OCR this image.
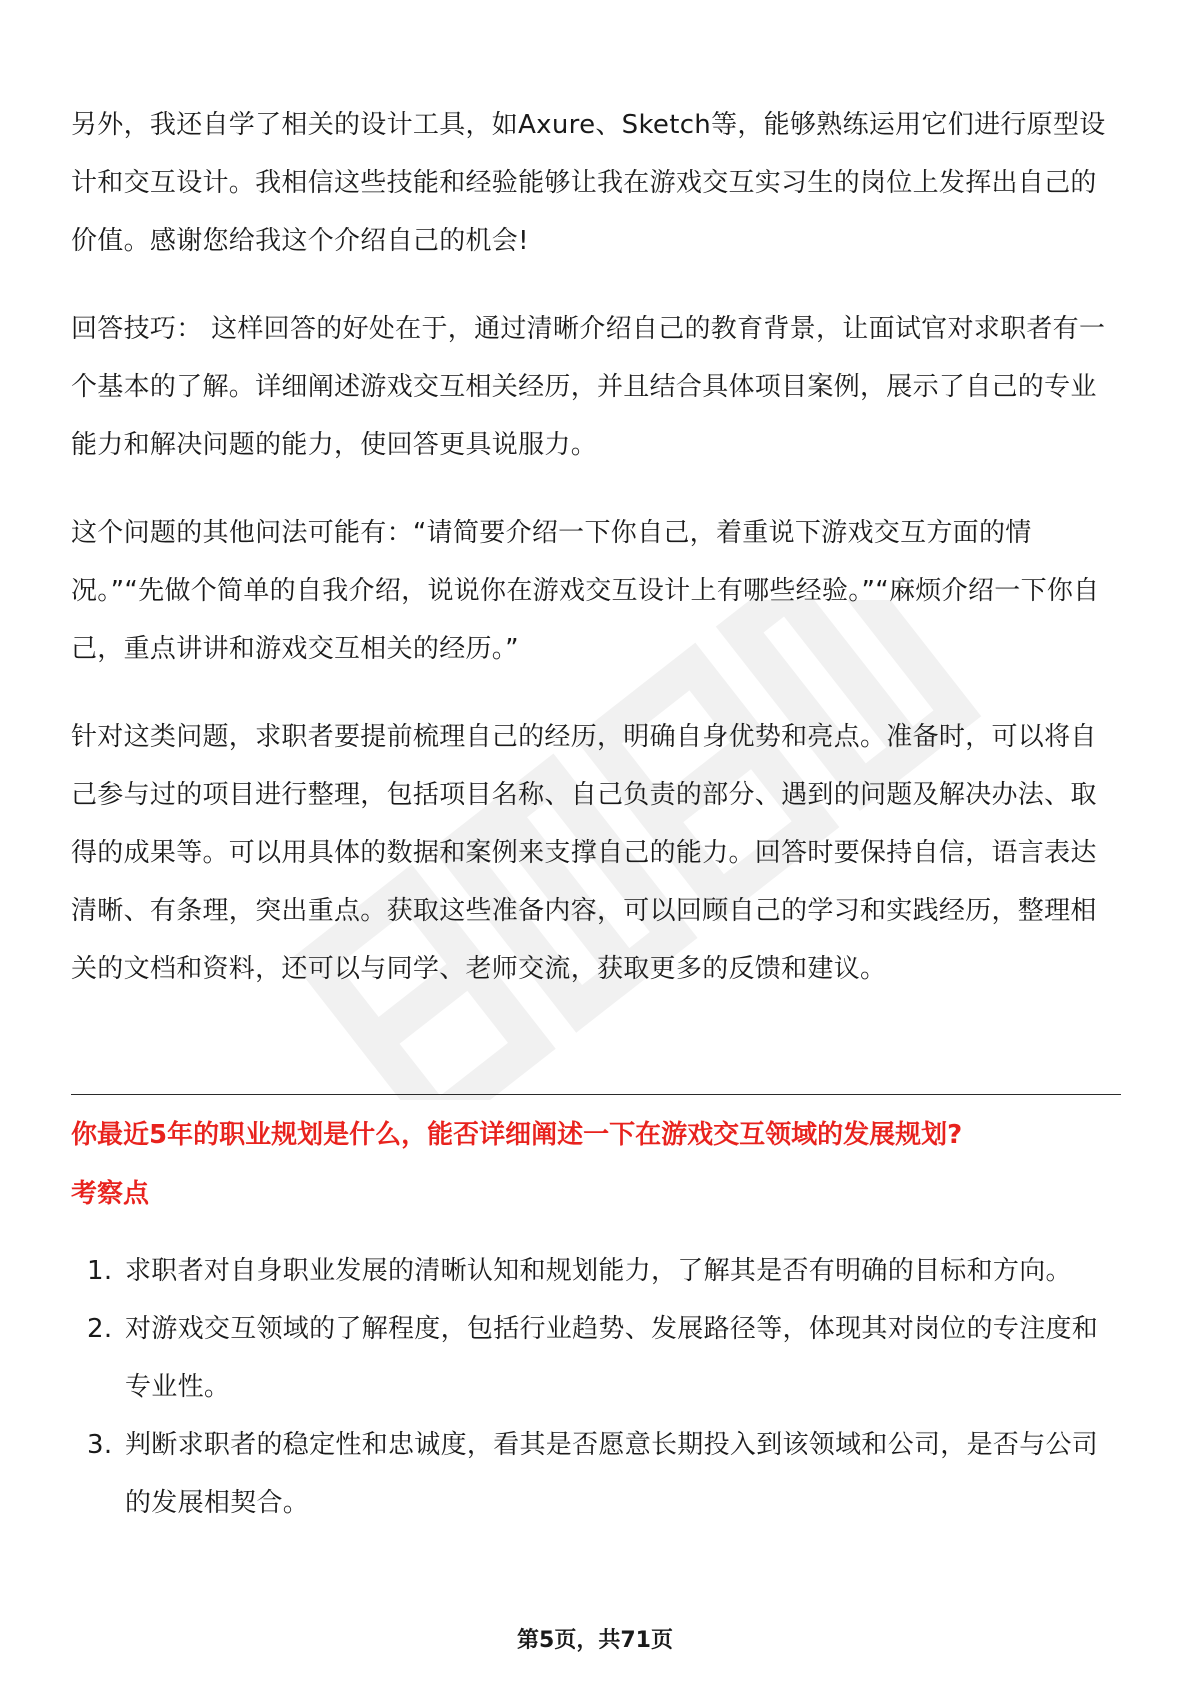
另外，我还自学了相关的设计工具，如Axure、Sketch等，能够熟练运用它们进行原型设计和交互设计。我相信这些技能和经验能够让我在游戏交互实习生的岗位上发挥出自己的价值。感谢您给我这个介绍自己的机会!

回答技巧： 这样回答的好处在于，通过清晰介绍自己的教育背景，让面试官对求职者有一个基本的了解。详细阐述游戏交互相关经历，并且结合具体项目案例，展示了自己的专业能力和解决问题的能力，使回答更具说服力。

这个问题的其他问法可能有：“请简要介绍一下你自己，着重说下游戏交互方面的情况。”“先做个简单的自我介绍，说说你在游戏交互设计上有哪些经验。”“麻烦介绍一下你自己，重点讲讲和游戏交互相关的经历。”

针对这类问题，求职者要提前梳理自己的经历，明确自身优势和亮点。准备时，可以将自己参与过的项目进行整理，包括项目名称、自己负责的部分、遇到的问题及解决办法、取得的成果等。可以用具体的数据和案例来支撑自己的能力。回答时要保持自信，语言表达清晰、有条理，突出重点。获取这些准备内容，可以回顾自己的学习和实践经历，整理相关的文档和资料，还可以与同学、老师交流，获取更多的反馈和建议。

你最近5年的职业规划是什么，能否详细阐述一下在游戏交互领域的发展规划?
考察点
1. 求职者对自身职业发展的清晰认知和规划能力，了解其是否有明确的目标和方向。
2. 对游戏交互领域的了解程度，包括行业趋势、发展路径等，体现其对岗位的专注度和专业性。
3. 判断求职者的稳定性和忠诚度，看其是否愿意长期投入到该领域和公司，是否与公司的发展相契合。
第5页，共71页
